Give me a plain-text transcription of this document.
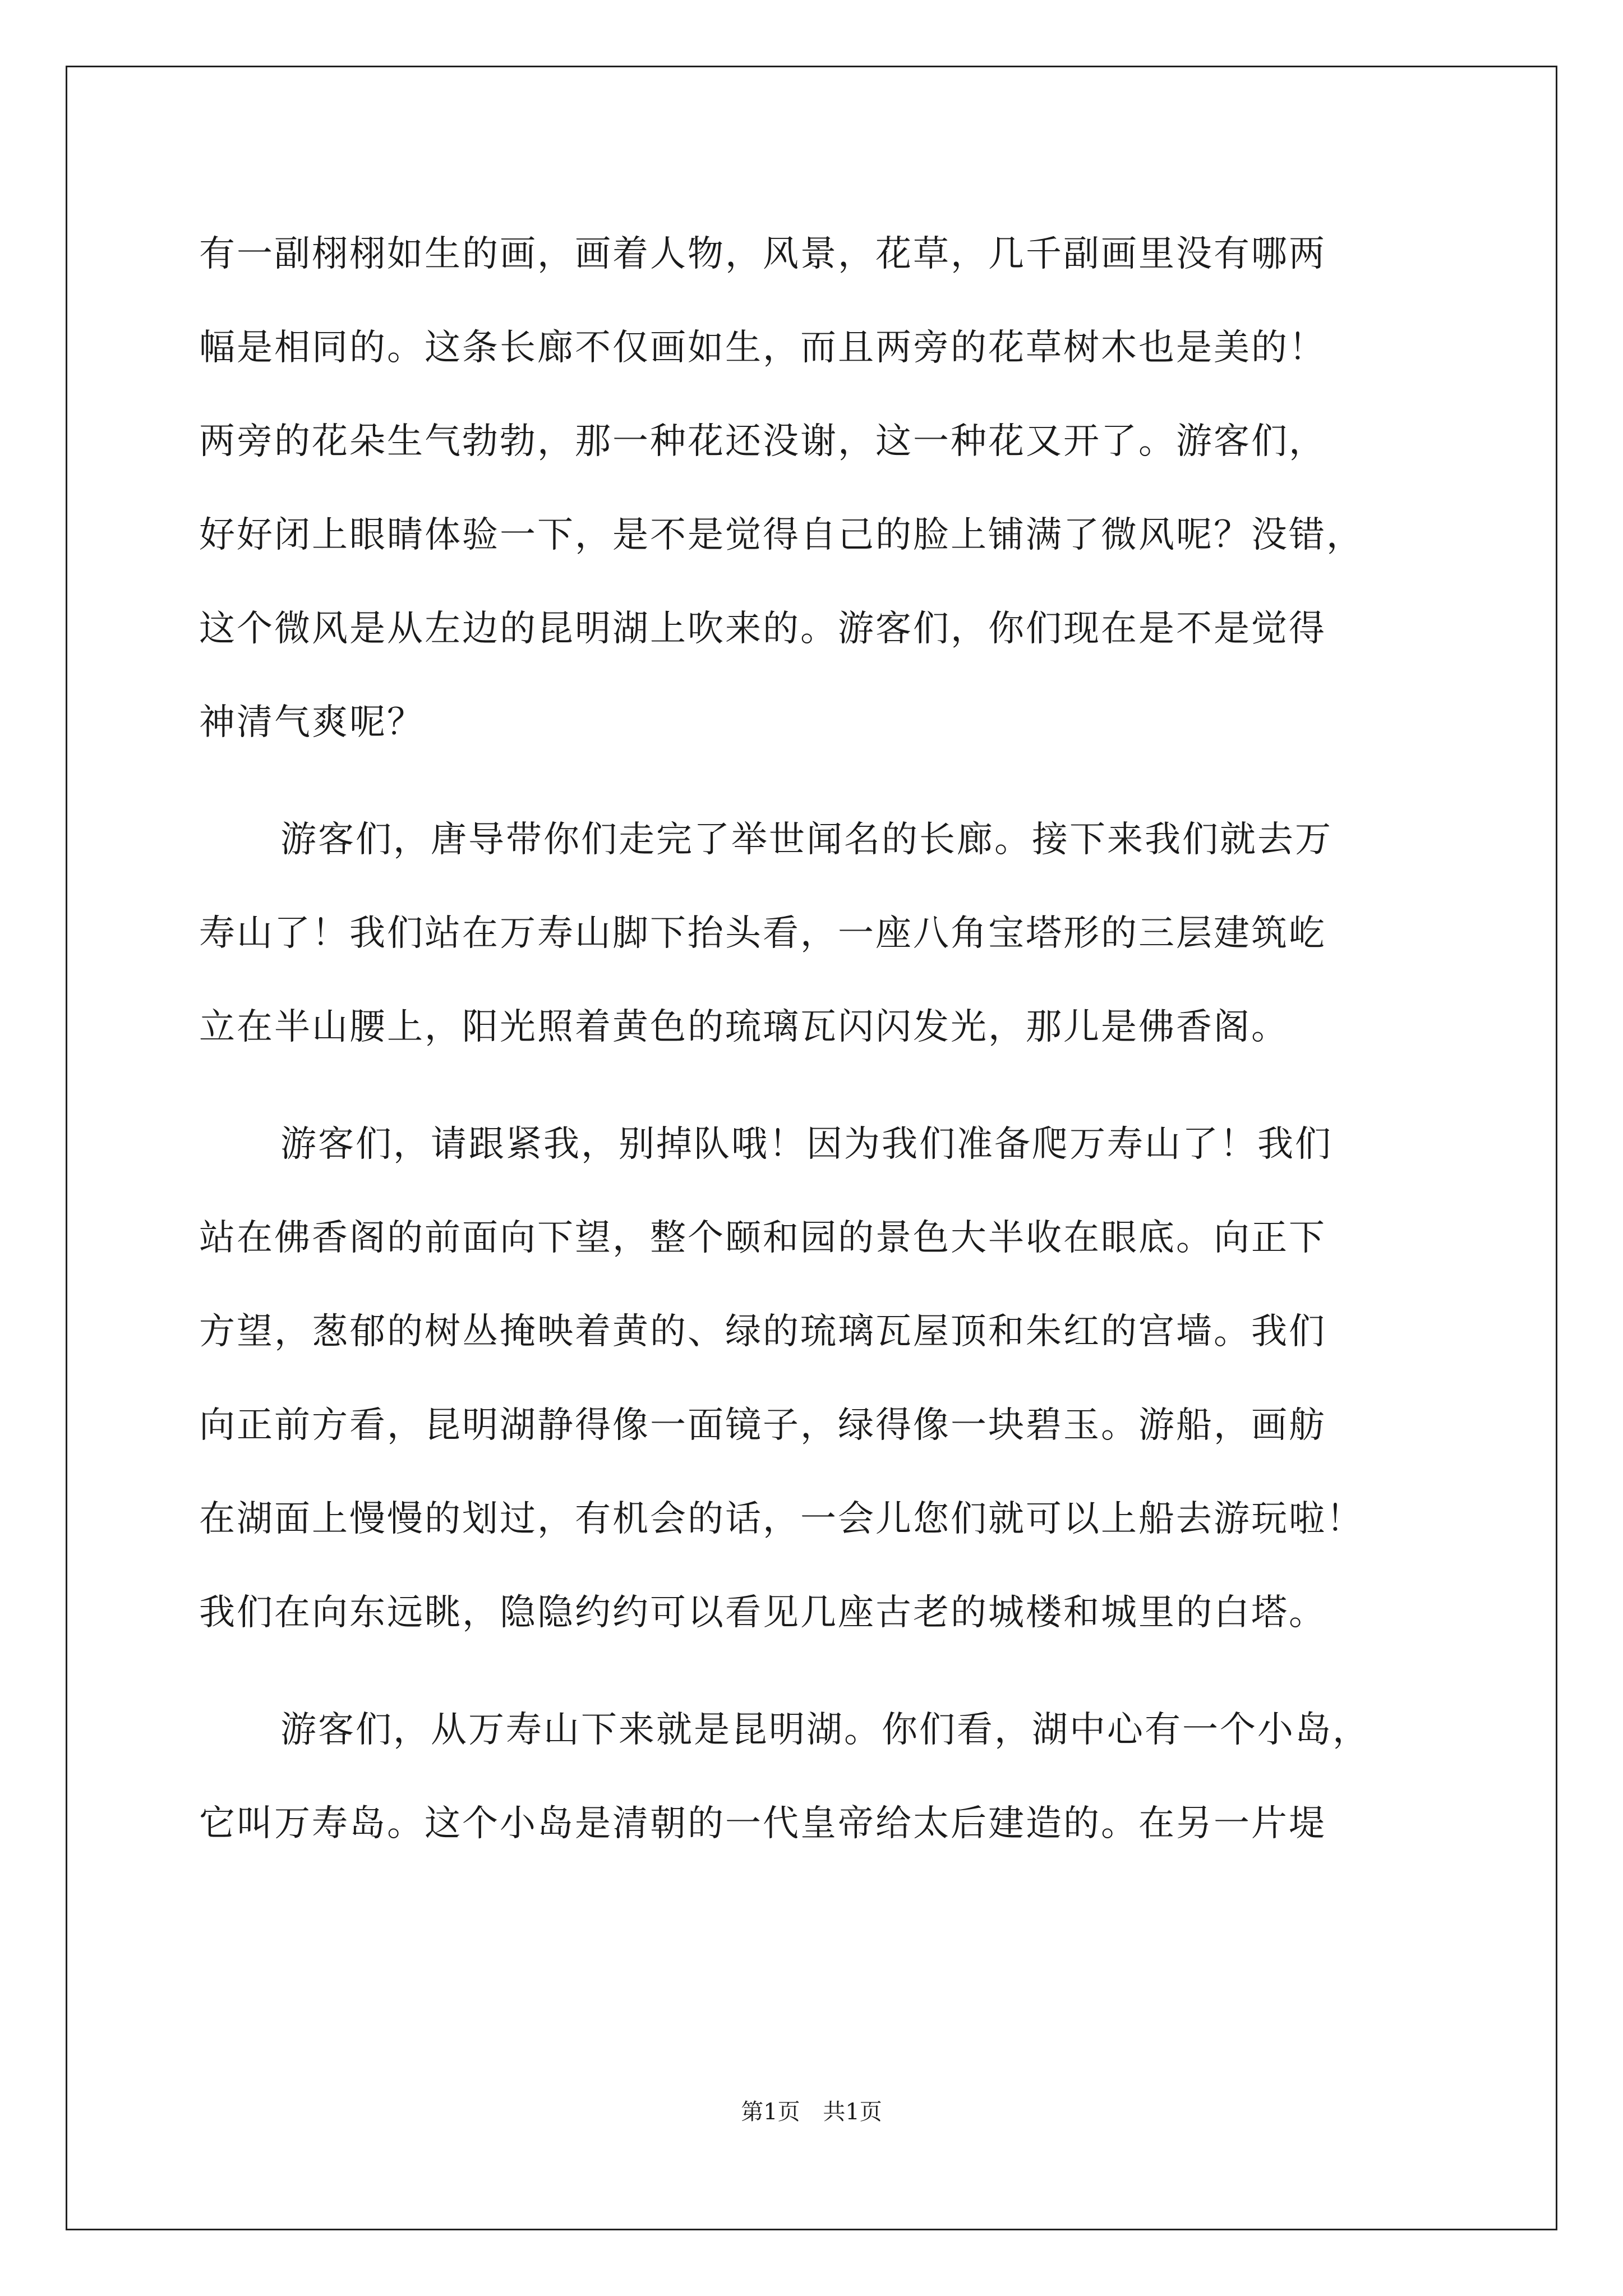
有一副栩栩如生的画，画着人物，风景，花草，几千副画里没有哪两
幅是相同的。这条长廊不仅画如生，而且两旁的花草树木也是美的！
两旁的花朵生气勃勃，那一种花还没谢，这一种花又开了。游客们，
好好闭上眼睛体验一下，是不是觉得自己的脸上铺满了微风呢？没错，
这个微风是从左边的昆明湖上吹来的。游客们，你们现在是不是觉得
神清气爽呢？
游客们，唐导带你们走完了举世闻名的长廊。接下来我们就去万
寿山了！我们站在万寿山脚下抬头看，一座八角宝塔形的三层建筑屹
立在半山腰上，阳光照着黄色的琉璃瓦闪闪发光，那儿是佛香阁。
游客们，请跟紧我，别掉队哦！因为我们准备爬万寿山了！我们
站在佛香阁的前面向下望，整个颐和园的景色大半收在眼底。向正下
方望，葱郁的树丛掩映着黄的、绿的琉璃瓦屋顶和朱红的宫墙。我们
向正前方看，昆明湖静得像一面镜子，绿得像一块碧玉。游船，画舫
在湖面上慢慢的划过，有机会的话，一会儿您们就可以上船去游玩啦！
我们在向东远眺，隐隐约约可以看见几座古老的城楼和城里的白塔。
游客们，从万寿山下来就是昆明湖。你们看，湖中心有一个小岛，
它叫万寿岛。这个小岛是清朝的一代皇帝给太后建造的。在另一片堤
第1页 共1页
